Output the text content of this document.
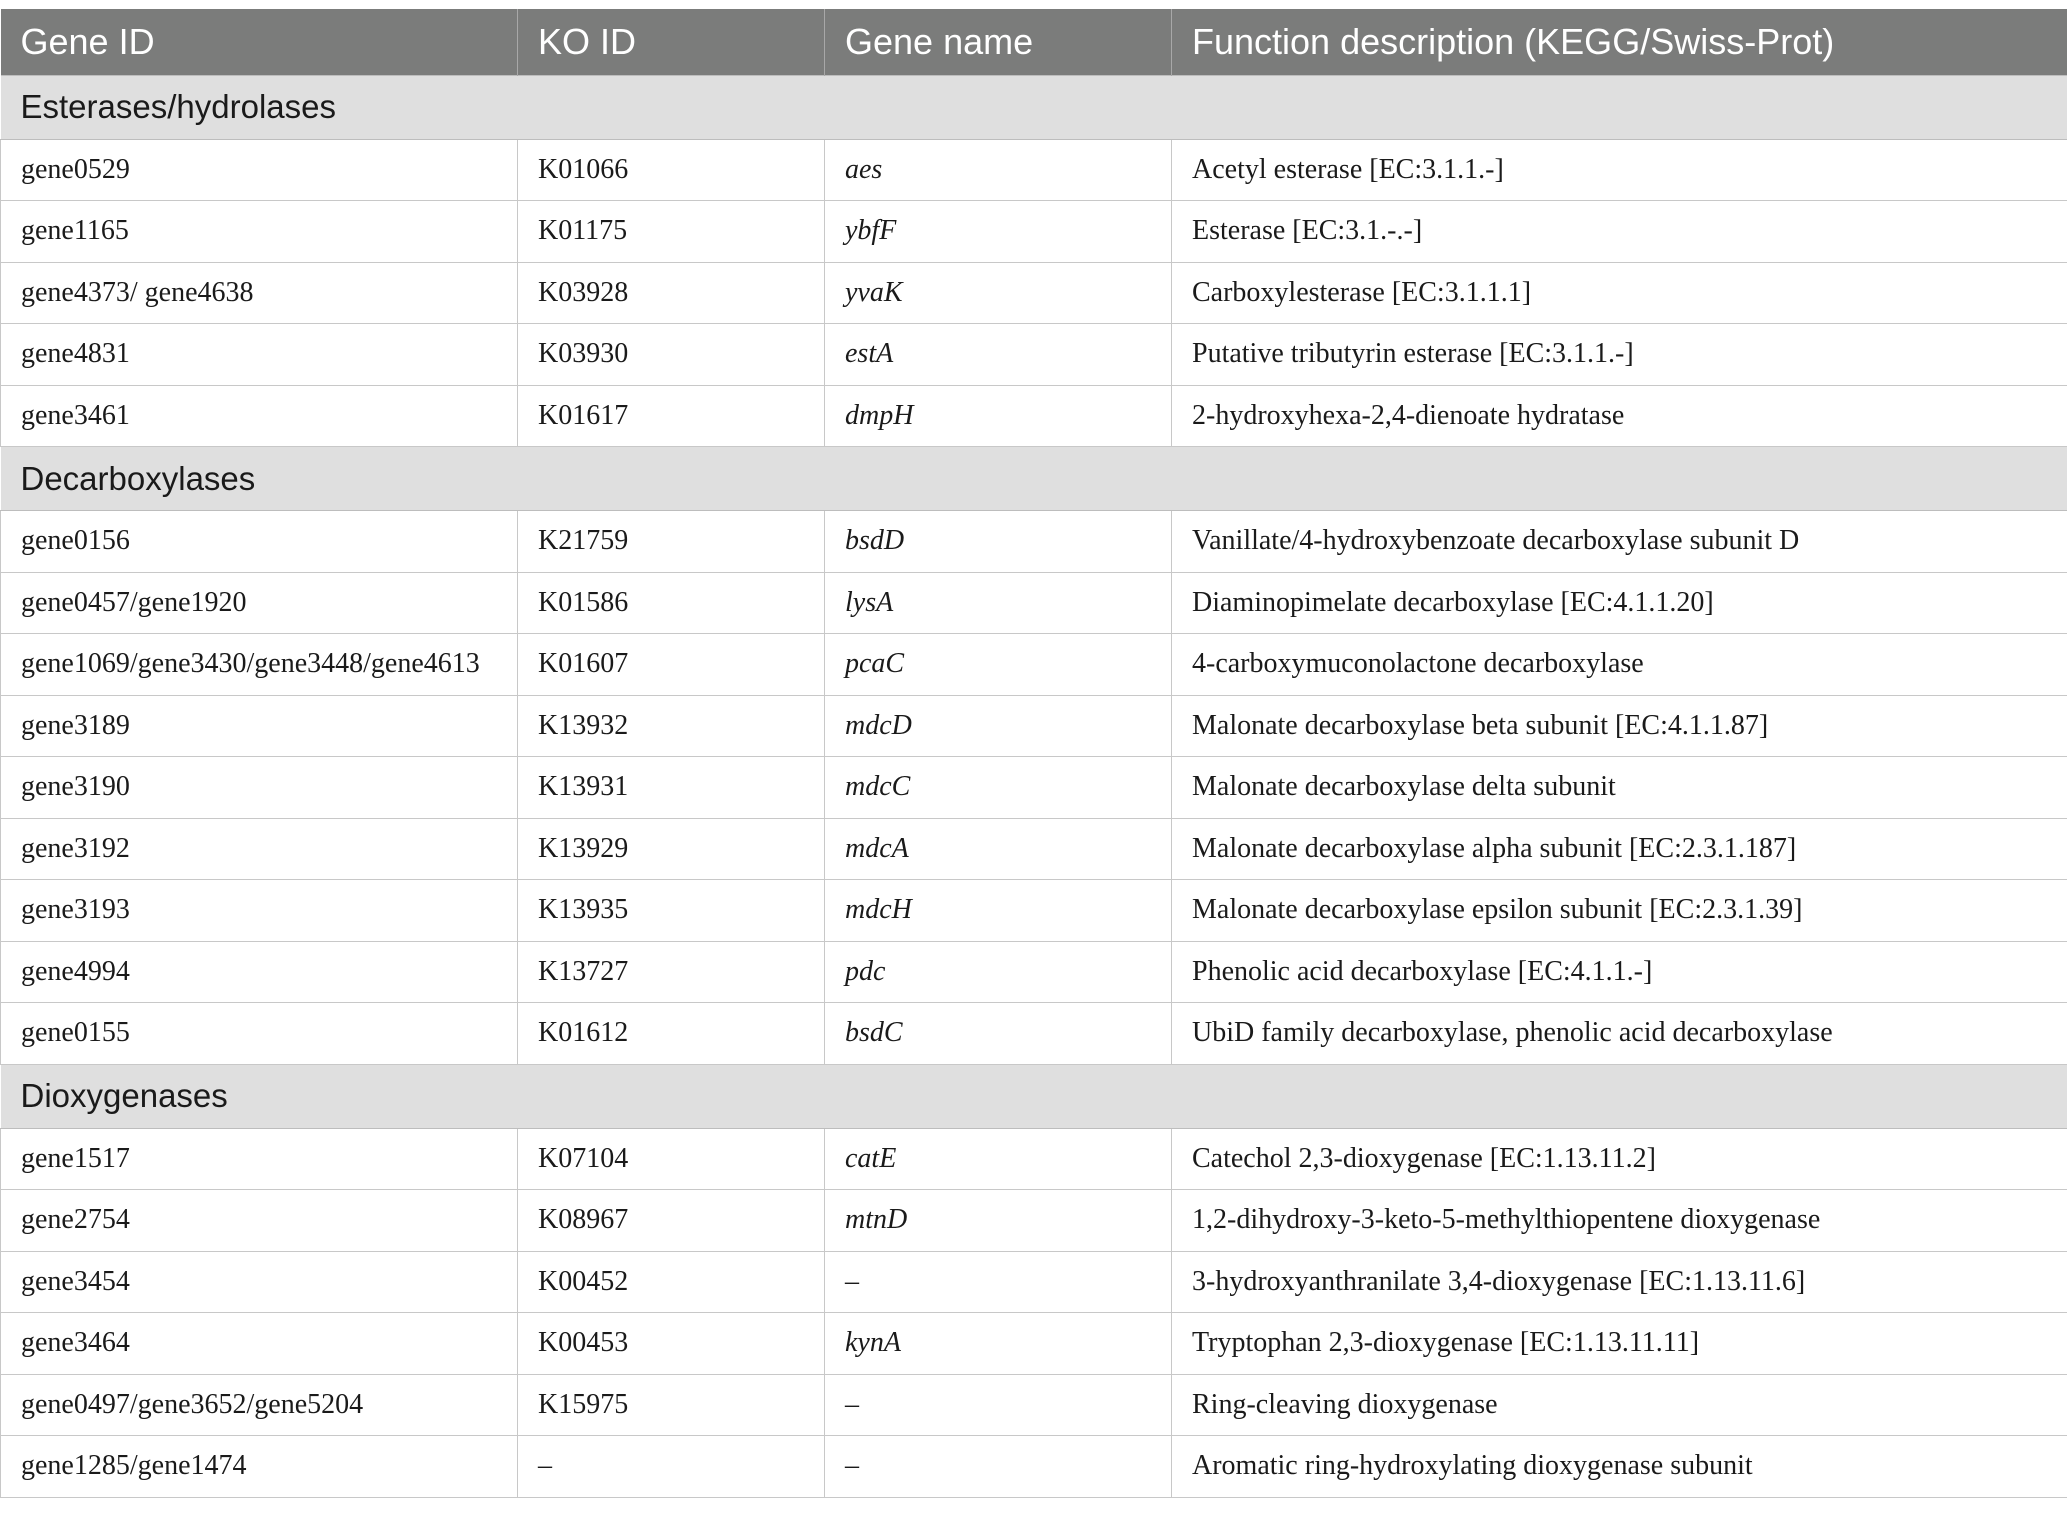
Gene ID	KO ID	Gene name	Function description (KEGG/Swiss-Prot)
Esterases/hydrolases			
gene0529	K01066	aes	Acetyl esterase [EC:3.1.1.-]
gene1165	K01175	ybfF	Esterase [EC:3.1.-.-]
gene4373/ gene4638	K03928	yvaK	Carboxylesterase [EC:3.1.1.1]
gene4831	K03930	estA	Putative tributyrin esterase [EC:3.1.1.-]
gene3461	K01617	dmpH	2-hydroxyhexa-2,4-dienoate hydratase
Decarboxylases			
gene0156	K21759	bsdD	Vanillate/4-hydroxybenzoate decarboxylase subunit D
gene0457/gene1920	K01586	lysA	Diaminopimelate decarboxylase [EC:4.1.1.20]
gene1069/gene3430/gene3448/gene4613	K01607	pcaC	4-carboxymuconolactone decarboxylase
gene3189	K13932	mdcD	Malonate decarboxylase beta subunit [EC:4.1.1.87]
gene3190	K13931	mdcC	Malonate decarboxylase delta subunit
gene3192	K13929	mdcA	Malonate decarboxylase alpha subunit [EC:2.3.1.187]
gene3193	K13935	mdcH	Malonate decarboxylase epsilon subunit [EC:2.3.1.39]
gene4994	K13727	pdc	Phenolic acid decarboxylase [EC:4.1.1.-]
gene0155	K01612	bsdC	UbiD family decarboxylase, phenolic acid decarboxylase
Dioxygenases			
gene1517	K07104	catE	Catechol 2,3-dioxygenase [EC:1.13.11.2]
gene2754	K08967	mtnD	1,2-dihydroxy-3-keto-5-methylthiopentene dioxygenase
gene3454	K00452	–	3-hydroxyanthranilate 3,4-dioxygenase [EC:1.13.11.6]
gene3464	K00453	kynA	Tryptophan 2,3-dioxygenase [EC:1.13.11.11]
gene0497/gene3652/gene5204	K15975	–	Ring-cleaving dioxygenase
gene1285/gene1474	–	–	Aromatic ring-hydroxylating dioxygenase subunit
